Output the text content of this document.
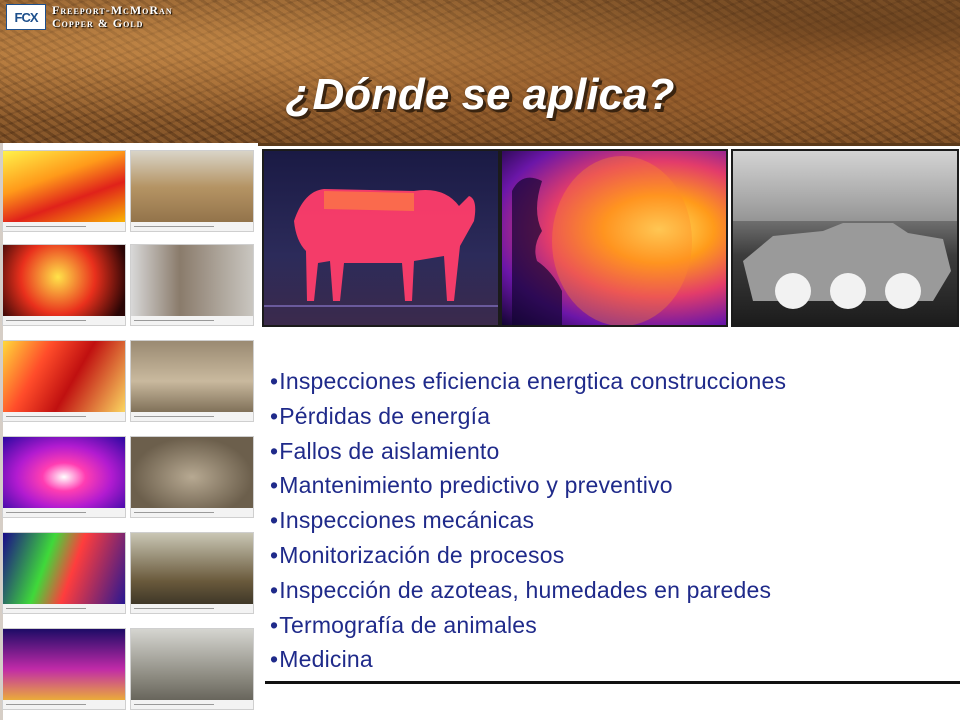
FCX	Freeport-McMoRan
Copper & Gold
¿Dónde se aplica?
•Inspecciones eficiencia energtica construcciones
•Pérdidas de energía
•Fallos de aislamiento
•Mantenimiento predictivo y preventivo
•Inspecciones mecánicas
•Monitorización de procesos
•Inspección de azoteas, humedades en paredes
•Termografía de animales
•Medicina
